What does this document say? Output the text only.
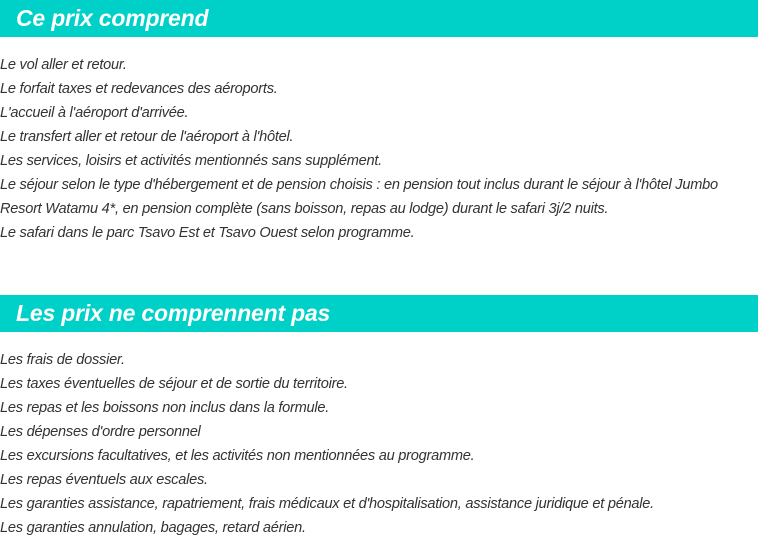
Ce prix comprend
Le vol aller et retour.
Le forfait taxes et redevances des aéroports.
L'accueil à l'aéroport d'arrivée.
Le transfert aller et retour de l'aéroport à l'hôtel.
Les services, loisirs et activités mentionnés sans supplément.
Le séjour selon le type d'hébergement et de pension choisis : en pension tout inclus durant le séjour à l'hôtel Jumbo Resort Watamu 4*, en pension complète (sans boisson, repas au lodge) durant le safari 3j/2 nuits.
Le safari dans le parc Tsavo Est et Tsavo Ouest selon programme.
Les prix ne comprennent pas
Les frais de dossier.
Les taxes éventuelles de séjour et de sortie du territoire.
Les repas et les boissons non inclus dans la formule.
Les dépenses d'ordre personnel
Les excursions facultatives, et les activités non mentionnées au programme.
Les repas éventuels aux escales.
Les garanties assistance, rapatriement, frais médicaux et d'hospitalisation, assistance juridique et pénale.
Les garanties annulation, bagages, retard aérien.
